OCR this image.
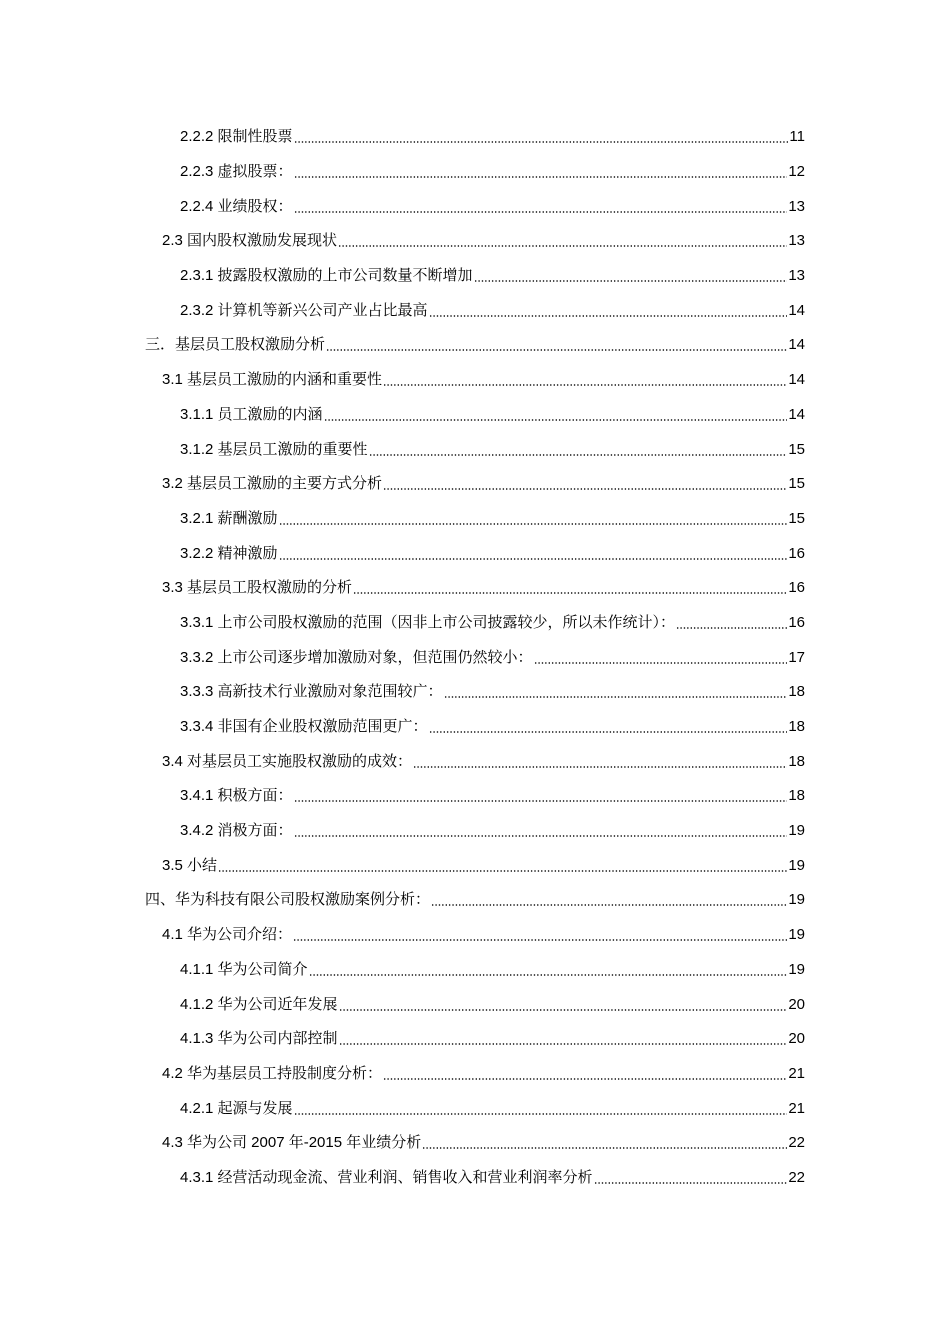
2.2.2 限制性股票	11
2.2.3 虚拟股票：	12
2.2.4 业绩股权：	13
2.3 国内股权激励发展现状	13
2.3.1 披露股权激励的上市公司数量不断增加	13
2.3.2 计算机等新兴公司产业占比最高	14
三．基层员工股权激励分析	14
3.1 基层员工激励的内涵和重要性	14
3.1.1 员工激励的内涵	14
3.1.2 基层员工激励的重要性	15
3.2 基层员工激励的主要方式分析	15
3.2.1 薪酬激励	15
3.2.2 精神激励	16
3.3 基层员工股权激励的分析	16
3.3.1 上市公司股权激励的范围（因非上市公司披露较少，所以未作统计）：	16
3.3.2 上市公司逐步增加激励对象，但范围仍然较小：	17
3.3.3 高新技术行业激励对象范围较广：	18
3.3.4 非国有企业股权激励范围更广：	18
3.4 对基层员工实施股权激励的成效：	18
3.4.1 积极方面：	18
3.4.2 消极方面：	19
3.5 小结	19
四、华为科技有限公司股权激励案例分析：	19
4.1 华为公司介绍：	19
4.1.1 华为公司简介	19
4.1.2 华为公司近年发展	20
4.1.3 华为公司内部控制	20
4.2 华为基层员工持股制度分析：	21
4.2.1 起源与发展	21
4.3 华为公司 2007 年-2015 年业绩分析	22
4.3.1 经营活动现金流、营业利润、销售收入和营业利润率分析	22
